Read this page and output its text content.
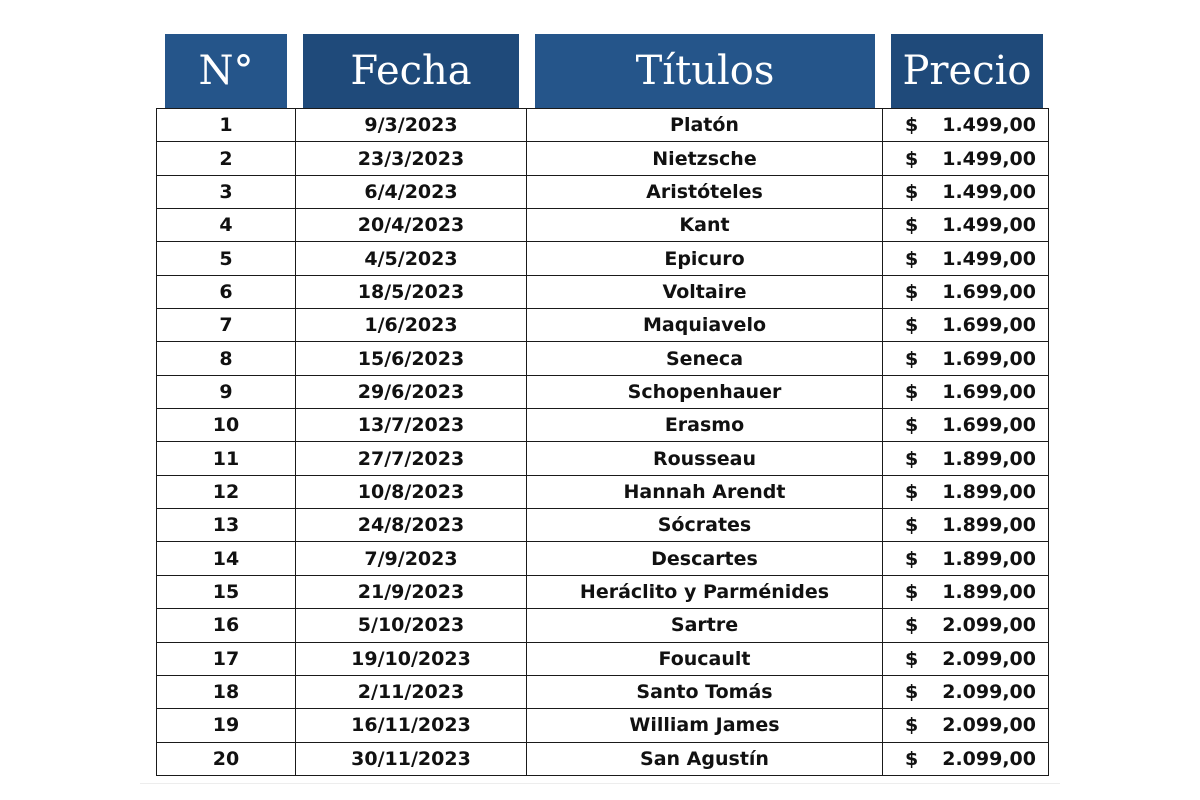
N°	Fecha	Títulos	Precio
1	9/3/2023	Platón	$ 1.499,00

2	23/3/2023	Nietzsche	$ 1.499,00

3	6/4/2023	Aristóteles	$ 1.499,00

4	20/4/2023	Kant	$ 1.499,00

5	4/5/2023	Epicuro	$ 1.499,00

6	18/5/2023	Voltaire	$ 1.699,00

7	1/6/2023	Maquiavelo	$ 1.699,00

8	15/6/2023	Seneca	$ 1.699,00

9	29/6/2023	Schopenhauer	$ 1.699,00

10	13/7/2023	Erasmo	$ 1.699,00

11	27/7/2023	Rousseau	$ 1.899,00

12	10/8/2023	Hannah Arendt	$ 1.899,00

13	24/8/2023	Sócrates	$ 1.899,00

14	7/9/2023	Descartes	$ 1.899,00

15	21/9/2023	Heráclito y Parménides	$ 1.899,00

16	5/10/2023	Sartre	$ 2.099,00

17	19/10/2023	Foucault	$ 2.099,00

18	2/11/2023	Santo Tomás	$ 2.099,00

19	16/11/2023	William James	$ 2.099,00

20	30/11/2023	San Agustín	$ 2.099,00
